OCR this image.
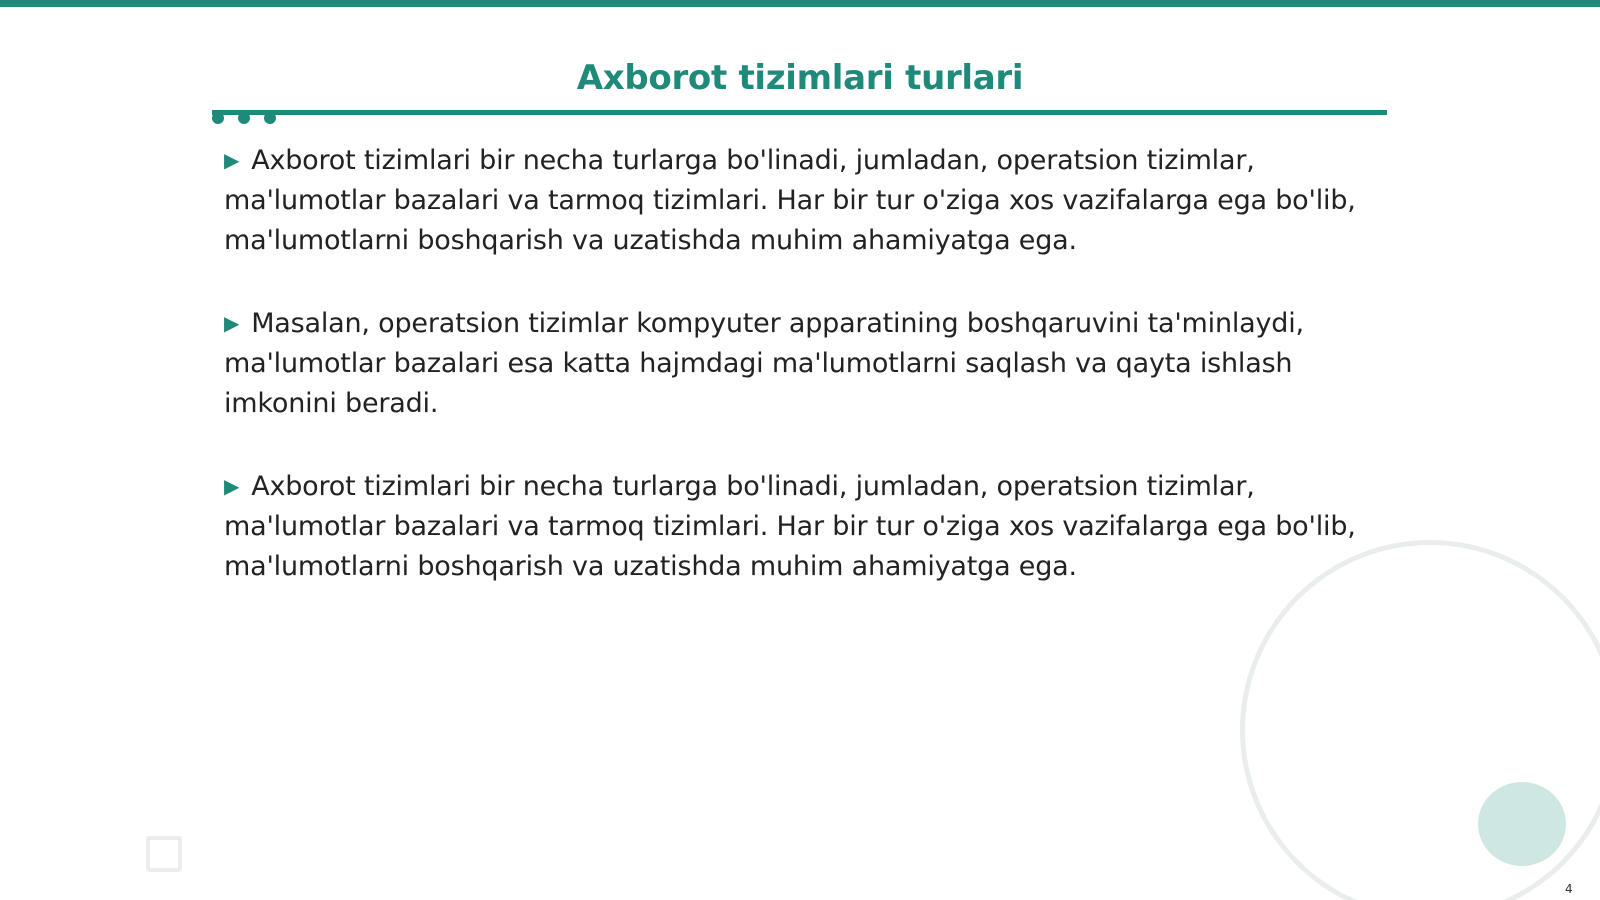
Axborot tizimlari turlari

▶ Axborot tizimlari bir necha turlarga bo'linadi, jumladan, operatsion tizimlar, ma'lumotlar bazalari va tarmoq tizimlari. Har bir tur o'ziga xos vazifalarga ega bo'lib, ma'lumotlarni boshqarish va uzatishda muhim ahamiyatga ega.

▶ Masalan, operatsion tizimlar kompyuter apparatining boshqaruvini ta'minlaydi, ma'lumotlar bazalari esa katta hajmdagi ma'lumotlarni saqlash va qayta ishlash imkonini beradi.

▶ Axborot tizimlari bir necha turlarga bo'linadi, jumladan, operatsion tizimlar, ma'lumotlar bazalari va tarmoq tizimlari. Har bir tur o'ziga xos vazifalarga ega bo'lib, ma'lumotlarni boshqarish va uzatishda muhim ahamiyatga ega.

4
